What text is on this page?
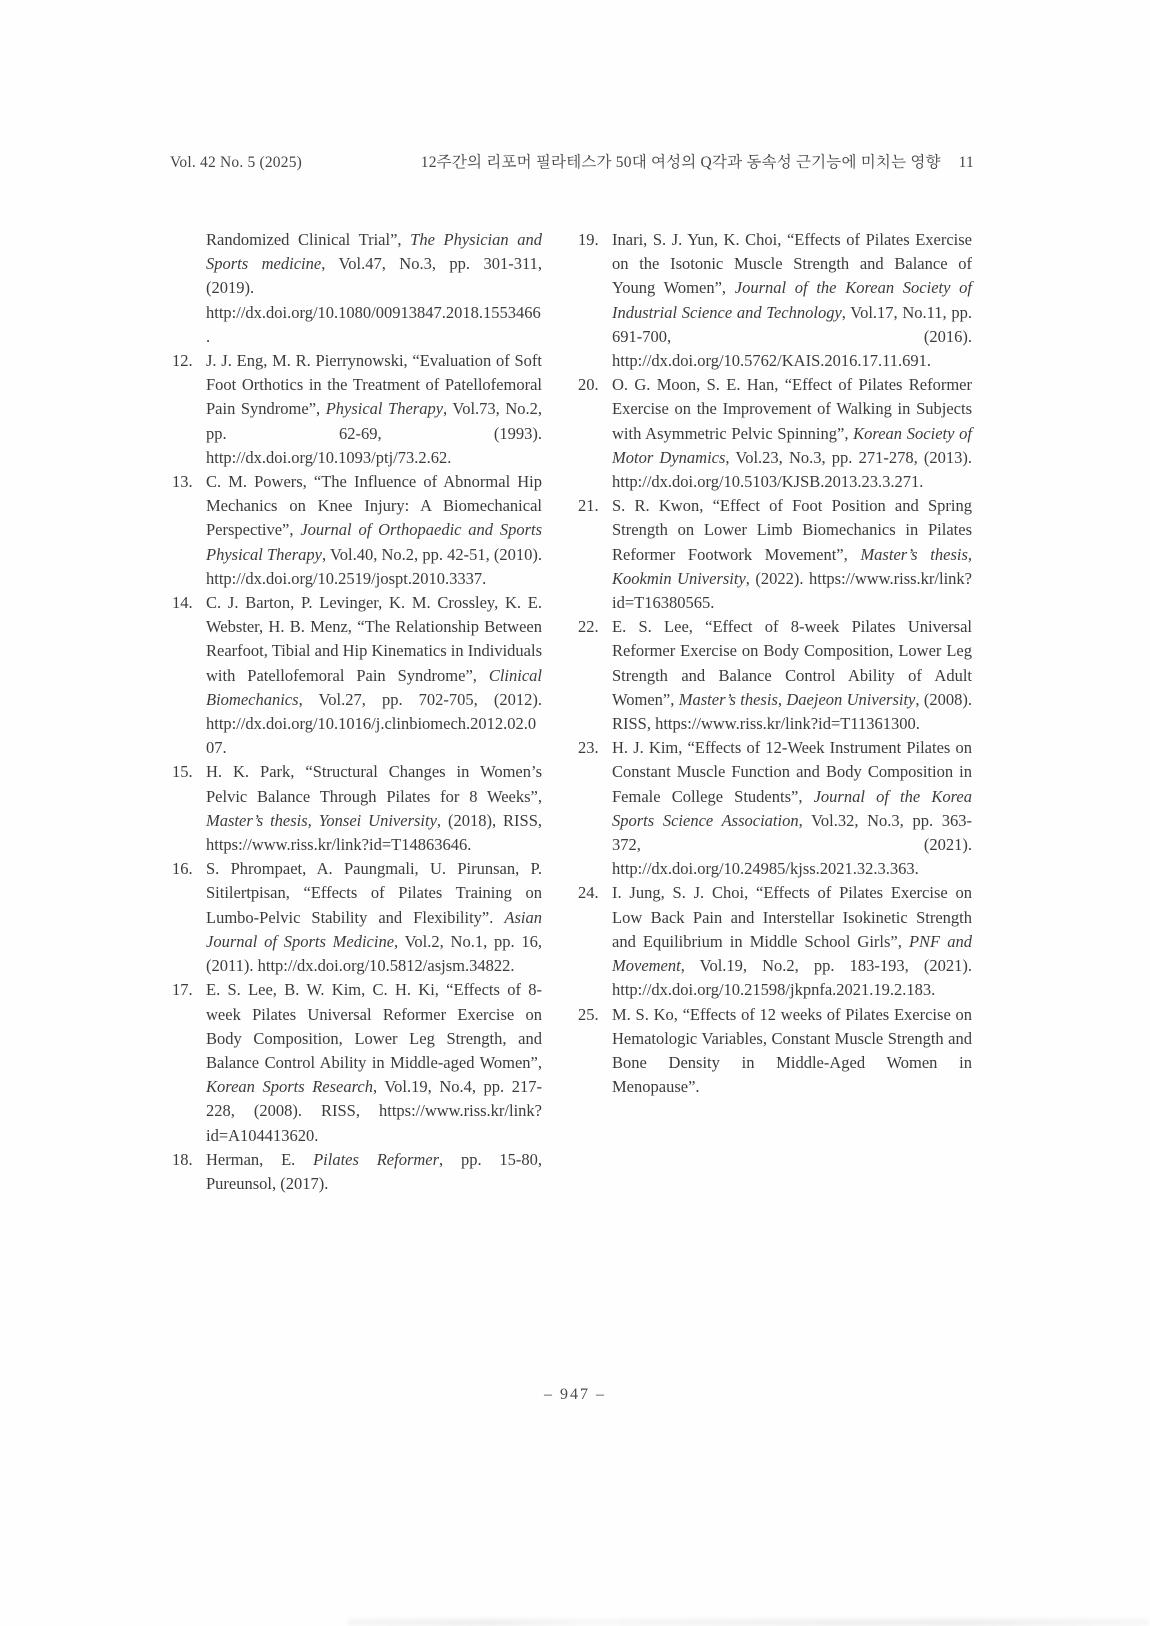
Vol. 42 No. 5 (2025)	12주간의 리포머 필라테스가 50대 여성의 Q각과 동속성 근기능에 미치는 영향 11
Randomized Clinical Trial”, The Physician and Sports medicine, Vol.47, No.3, pp. 301-311, (2019). http://dx.doi.org/10.1080/00913847.2018.1553466.
12. J. J. Eng, M. R. Pierrynowski, “Evaluation of Soft Foot Orthotics in the Treatment of Patellofemoral Pain Syndrome”, Physical Therapy, Vol.73, No.2, pp. 62-69, (1993). http://dx.doi.org/10.1093/ptj/73.2.62.
13. C. M. Powers, “The Influence of Abnormal Hip Mechanics on Knee Injury: A Biomechanical Perspective”, Journal of Orthopaedic and Sports Physical Therapy, Vol.40, No.2, pp. 42-51, (2010). http://dx.doi.org/10.2519/jospt.2010.3337.
14. C. J. Barton, P. Levinger, K. M. Crossley, K. E. Webster, H. B. Menz, “The Relationship Between Rearfoot, Tibial and Hip Kinematics in Individuals with Patellofemoral Pain Syndrome”, Clinical Biomechanics, Vol.27, pp. 702-705, (2012). http://dx.doi.org/10.1016/j.clinbiomech.2012.02.007.
15. H. K. Park, “Structural Changes in Women’s Pelvic Balance Through Pilates for 8 Weeks”, Master’s thesis, Yonsei University, (2018), RISS, https://www.riss.kr/link?id=T14863646.
16. S. Phrompaet, A. Paungmali, U. Pirunsan, P. Sitilertpisan, “Effects of Pilates Training on Lumbo-Pelvic Stability and Flexibility”. Asian Journal of Sports Medicine, Vol.2, No.1, pp. 16, (2011). http://dx.doi.org/10.5812/asjsm.34822.
17. E. S. Lee, B. W. Kim, C. H. Ki, “Effects of 8-week Pilates Universal Reformer Exercise on Body Composition, Lower Leg Strength, and Balance Control Ability in Middle-aged Women”, Korean Sports Research, Vol.19, No.4, pp. 217-228, (2008). RISS, https://www.riss.kr/link?id=A104413620.
18. Herman, E. Pilates Reformer, pp. 15-80, Pureunsol, (2017).
19. Inari, S. J. Yun, K. Choi, “Effects of Pilates Exercise on the Isotonic Muscle Strength and Balance of Young Women”, Journal of the Korean Society of Industrial Science and Technology, Vol.17, No.11, pp. 691-700, (2016). http://dx.doi.org/10.5762/KAIS.2016.17.11.691.
20. O. G. Moon, S. E. Han, “Effect of Pilates Reformer Exercise on the Improvement of Walking in Subjects with Asymmetric Pelvic Spinning”, Korean Society of Motor Dynamics, Vol.23, No.3, pp. 271-278, (2013). http://dx.doi.org/10.5103/KJSB.2013.23.3.271.
21. S. R. Kwon, “Effect of Foot Position and Spring Strength on Lower Limb Biomechanics in Pilates Reformer Footwork Movement”, Master’s thesis, Kookmin University, (2022). https://www.riss.kr/link?id=T16380565.
22. E. S. Lee, “Effect of 8-week Pilates Universal Reformer Exercise on Body Composition, Lower Leg Strength and Balance Control Ability of Adult Women”, Master’s thesis, Daejeon University, (2008). RISS, https://www.riss.kr/link?id=T11361300.
23. H. J. Kim, “Effects of 12-Week Instrument Pilates on Constant Muscle Function and Body Composition in Female College Students”, Journal of the Korea Sports Science Association, Vol.32, No.3, pp. 363-372, (2021). http://dx.doi.org/10.24985/kjss.2021.32.3.363.
24. I. Jung, S. J. Choi, “Effects of Pilates Exercise on Low Back Pain and Interstellar Isokinetic Strength and Equilibrium in Middle School Girls”, PNF and Movement, Vol.19, No.2, pp. 183-193, (2021). http://dx.doi.org/10.21598/jkpnfa.2021.19.2.183.
25. M. S. Ko, “Effects of 12 weeks of Pilates Exercise on Hematologic Variables, Constant Muscle Strength and Bone Density in Middle-Aged Women in Menopause”.
– 947 –
